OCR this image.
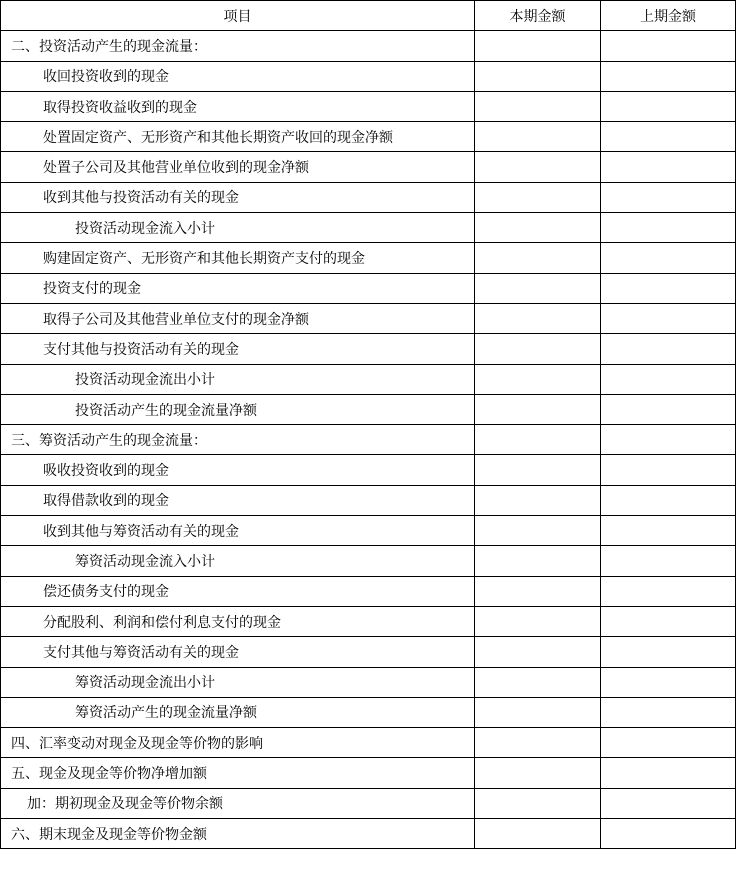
项目	本期金额	上期金额
二、投资活动产生的现金流量：		
收回投资收到的现金		
取得投资收益收到的现金		
处置固定资产、无形资产和其他长期资产收回的现金净额		
处置子公司及其他营业单位收到的现金净额		
收到其他与投资活动有关的现金		
投资活动现金流入小计		
购建固定资产、无形资产和其他长期资产支付的现金		
投资支付的现金		
取得子公司及其他营业单位支付的现金净额		
支付其他与投资活动有关的现金		
投资活动现金流出小计		
投资活动产生的现金流量净额		
三、筹资活动产生的现金流量：		
吸收投资收到的现金		
取得借款收到的现金		
收到其他与筹资活动有关的现金		
筹资活动现金流入小计		
偿还债务支付的现金		
分配股利、利润和偿付利息支付的现金		
支付其他与筹资活动有关的现金		
筹资活动现金流出小计		
筹资活动产生的现金流量净额		
四、汇率变动对现金及现金等价物的影响		
五、现金及现金等价物净增加额		
加：期初现金及现金等价物余额		
六、期末现金及现金等价物金额		
